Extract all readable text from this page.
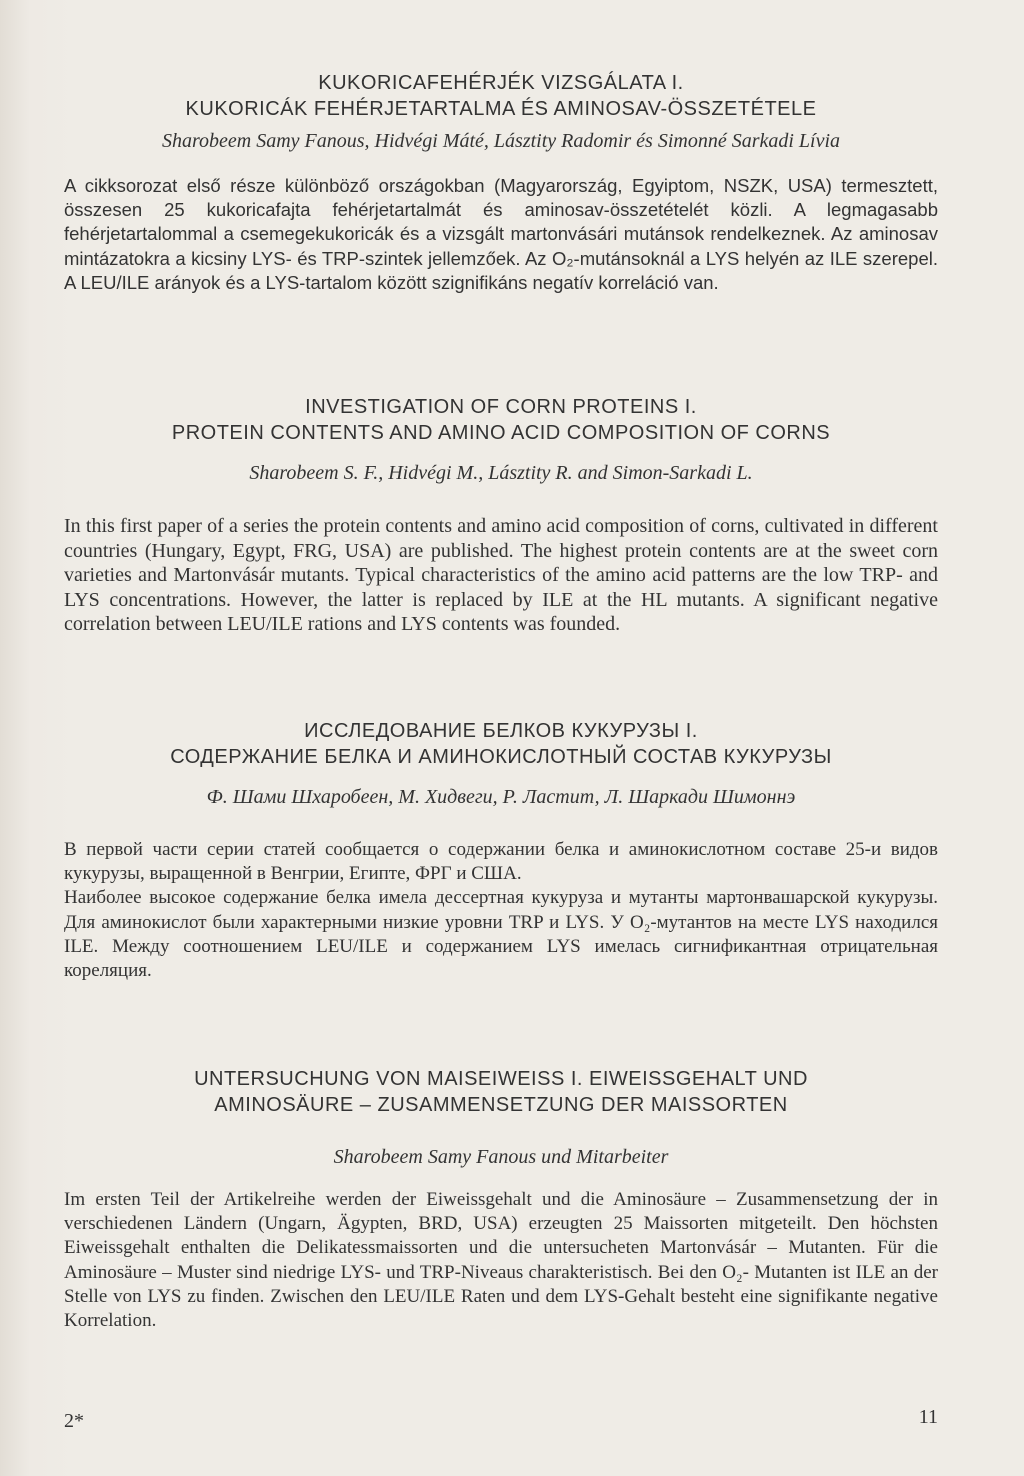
KUKORICAFEHÉRJÉK VIZSGÁLATA I.
KUKORICÁK FEHÉRJETARTALMA ÉS AMINOSAV-ÖSSZETÉTELE
Sharobeem Samy Fanous, Hidvégi Máté, Lásztity Radomir és Simonné Sarkadi Lívia

A cikksorozat első része különböző országokban (Magyarország, Egyiptom, NSZK, USA) termesztett, összesen 25 kukoricafajta fehérjetartalmát és aminosav-összetételét közli. A legmagasabb fehérjetartalommal a csemegekukoricák és a vizsgált martonvásári mutánsok rendelkeznek. Az aminosav mintázatokra a kicsiny LYS- és TRP-szintek jellemzőek. Az O₂-mutánsoknál a LYS helyén az ILE szerepel. A LEU/ILE arányok és a LYS-tartalom között szignifikáns negatív korreláció van.

INVESTIGATION OF CORN PROTEINS I.
PROTEIN CONTENTS AND AMINO ACID COMPOSITION OF CORNS
Sharobeem S. F., Hidvégi M., Lásztity R. and Simon-Sarkadi L.

In this first paper of a series the protein contents and amino acid composition of corns, cultivated in different countries (Hungary, Egypt, FRG, USA) are published. The highest protein contents are at the sweet corn varieties and Martonvásár mutants. Typical characteristics of the amino acid patterns are the low TRP- and LYS concentrations. However, the latter is replaced by ILE at the HL mutants. A significant negative correlation between LEU/ILE rations and LYS contents was founded.

ИССЛЕДОВАНИЕ БЕЛКОВ КУКУРУЗЫ I.
СОДЕРЖАНИЕ БЕЛКА И АМИНОКИСЛОТНЫЙ СОСТАВ КУКУРУЗЫ
Ф. Шами Шхаробеен, М. Хидвеги, Р. Ластит, Л. Шаркади Шимоннэ

В первой части серии статей сообщается о содержании белка и аминокислотном составе 25-и видов кукурузы, выращенной в Венгрии, Египте, ФРГ и США.

Наиболее высокое содержание белка имела дессертная кукуруза и мутанты мартонвашарской кукурузы. Для аминокислот были характерными низкие уровни TRP и LYS. У O₂-мутантов на месте LYS находился ILE. Между соотношением LEU/ILE и содержанием LYS имелась сигнификантная отрицательная кореляция.

UNTERSUCHUNG VON MAISEIWEISS I. EIWEISSGEHALT UND
AMINOSÄURE – ZUSAMMENSETZUNG DER MAISSORTEN
Sharobeem Samy Fanous und Mitarbeiter

Im ersten Teil der Artikelreihe werden der Eiweissgehalt und die Aminosäure – Zusammensetzung der in verschiedenen Ländern (Ungarn, Ägypten, BRD, USA) erzeugten 25 Maissorten mitgeteilt. Den höchsten Eiweissgehalt enthalten die Delikatessmaissorten und die untersucheten Martonvásár – Mutanten. Für die Aminosäure – Muster sind niedrige LYS- und TRP-Niveaus charakteristisch. Bei den O₂- Mutanten ist ILE an der Stelle von LYS zu finden. Zwischen den LEU/ILE Raten und dem LYS-Gehalt besteht eine signifikante negative Korrelation.

2*	11
